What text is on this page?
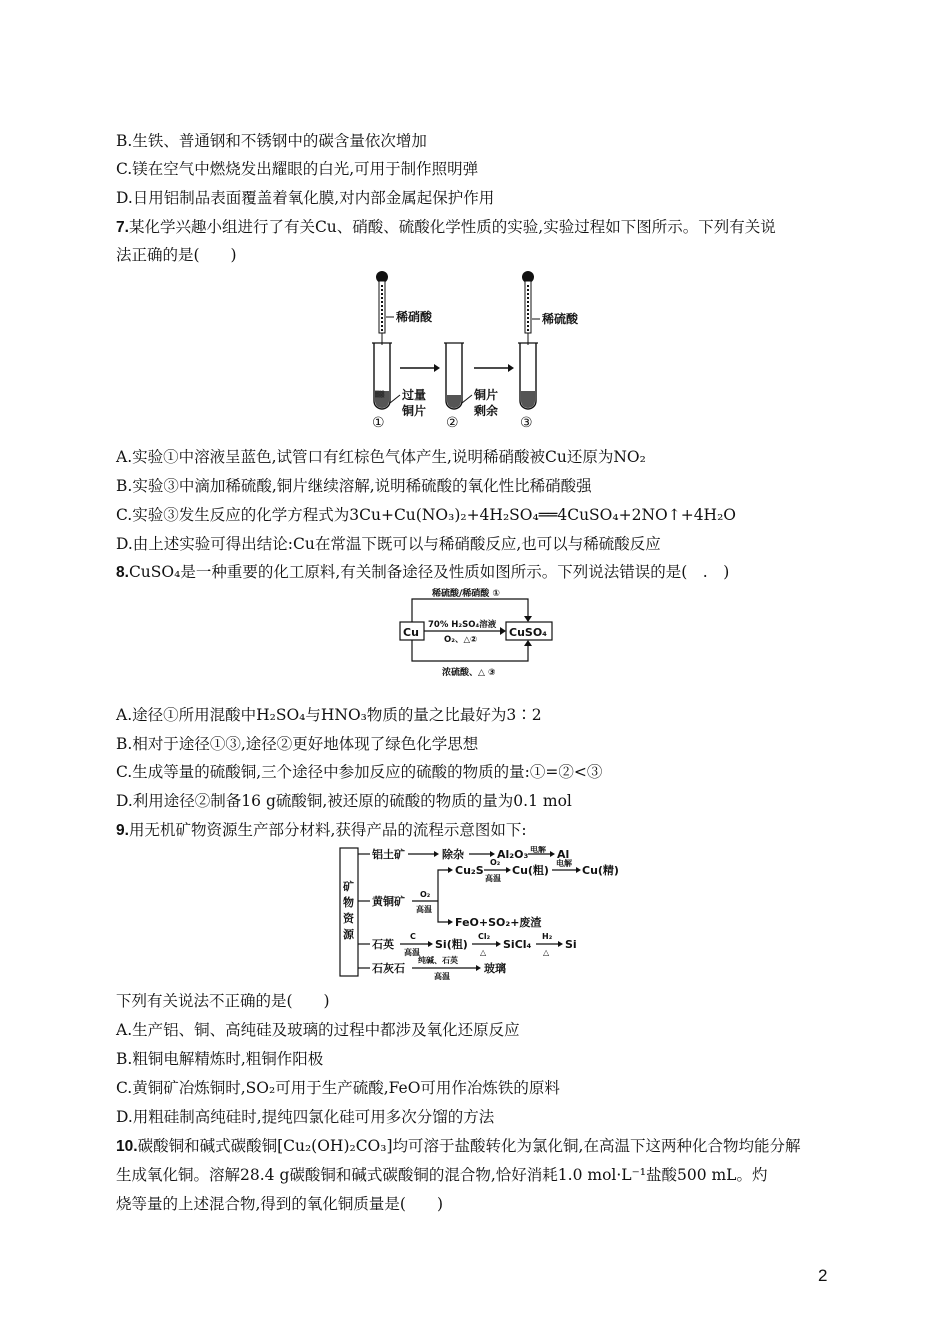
B.生铁、普通钢和不锈钢中的碳含量依次增加
C.镁在空气中燃烧发出耀眼的白光,可用于制作照明弹
D.日用铝制品表面覆盖着氧化膜,对内部金属起保护作用
7.某化学兴趣小组进行了有关Cu、硝酸、硫酸化学性质的实验,实验过程如下图所示。下列有关说
法正确的是(　　)
稀硝酸
▒▒ 过量
铜片
①
铜片
剩余
②
稀硫酸
③
A.实验①中溶液呈蓝色,试管口有红棕色气体产生,说明稀硝酸被Cu还原为NO₂
B.实验③中滴加稀硫酸,铜片继续溶解,说明稀硫酸的氧化性比稀硝酸强
C.实验③发生反应的化学方程式为3Cu+Cu(NO₃)₂+4H₂SO₄══4CuSO₄+2NO↑+4H₂O
D.由上述实验可得出结论:Cu在常温下既可以与稀硝酸反应,也可以与稀硫酸反应
8.CuSO₄是一种重要的化工原料,有关制备途径及性质如图所示。下列说法错误的是(　.　)
Cu	CuSO₄
稀硫酸/稀硝酸 ①
70% H₂SO₄溶液
O₂、△②
浓硫酸、△ ③
A.途径①所用混酸中H₂SO₄与HNO₃物质的量之比最好为3∶2
B.相对于途径①③,途径②更好地体现了绿色化学思想
C.生成等量的硫酸铜,三个途径中参加反应的硫酸的物质的量:①=②<③
D.利用途径②制备16 g硫酸铜,被还原的硫酸的物质的量为0.1 mol
9.用无机矿物资源生产部分材料,获得产品的流程示意图如下:
矿
物
资
源
铝土矿	除杂	Al₂O₃ 电解 Al
黄铜矿
O₂
高温
Cu₂S
O₂
高温
Cu(粗)
电解
Cu(精)
FeO+SO₂+废渣
石英
C
高温
Si(粗)
Cl₂
△
SiCl₄
H₂
△
Si
石灰石
纯碱、石英
高温
玻璃
下列有关说法不正确的是(　　)
A.生产铝、铜、高纯硅及玻璃的过程中都涉及氧化还原反应
B.粗铜电解精炼时,粗铜作阳极
C.黄铜矿冶炼铜时,SO₂可用于生产硫酸,FeO可用作冶炼铁的原料
D.用粗硅制高纯硅时,提纯四氯化硅可用多次分馏的方法
10.碳酸铜和碱式碳酸铜[Cu₂(OH)₂CO₃]均可溶于盐酸转化为氯化铜,在高温下这两种化合物均能分解
生成氧化铜。溶解28.4 g碳酸铜和碱式碳酸铜的混合物,恰好消耗1.0 mol·L⁻¹盐酸500 mL。灼
烧等量的上述混合物,得到的氧化铜质量是(　　)
2
